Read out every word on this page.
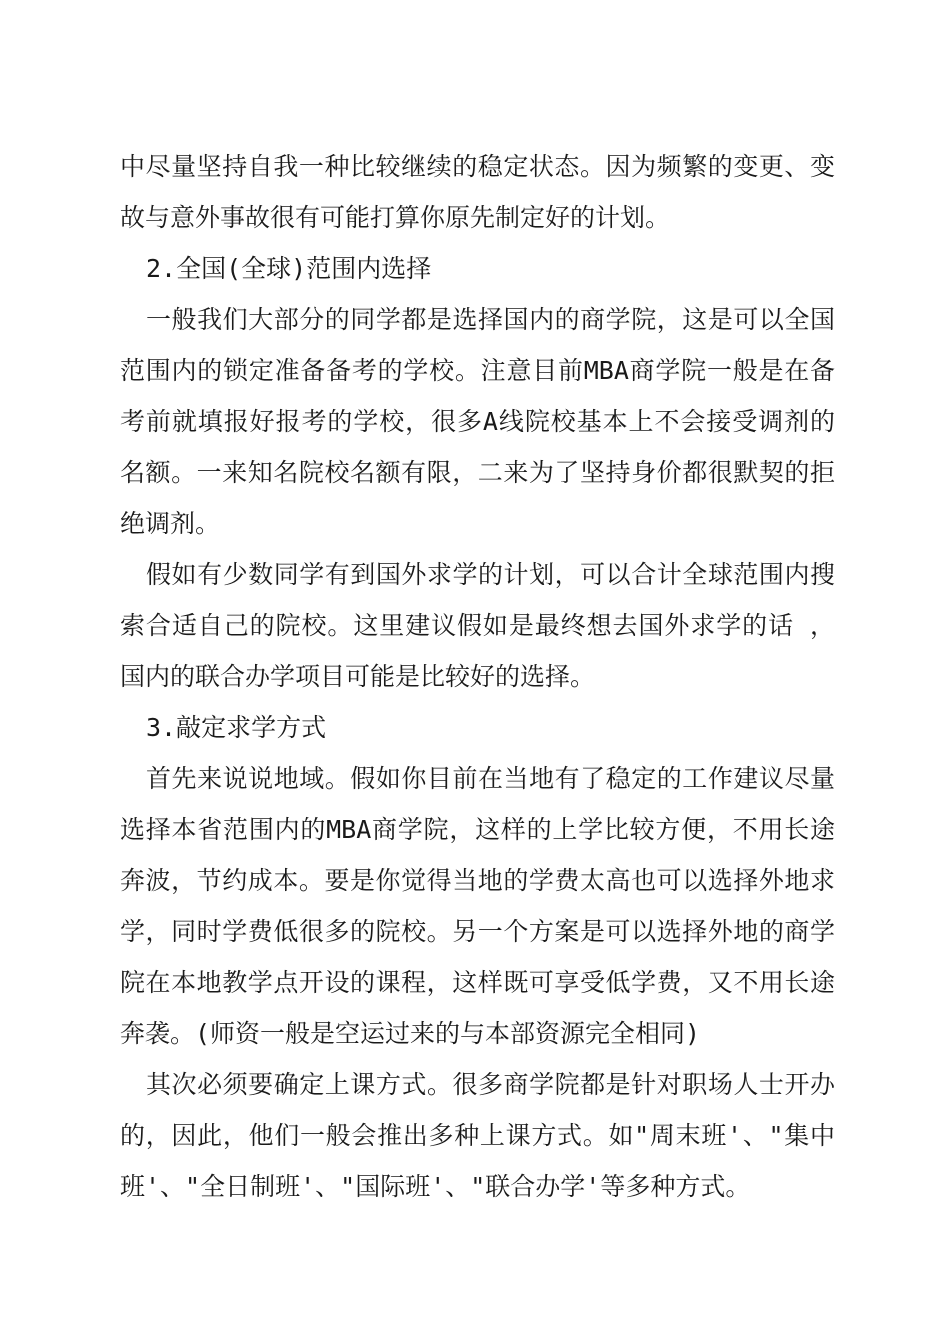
中尽量坚持自我一种比较继续的稳定状态。因为频繁的变更、变

故与意外事故很有可能打算你原先制定好的计划。

2.全国(全球)范围内选择

一般我们大部分的同学都是选择国内的商学院，这是可以全国

范围内的锁定准备备考的学校。注意目前MBA商学院一般是在备

考前就填报好报考的学校，很多A线院校基本上不会接受调剂的

名额。一来知名院校名额有限，二来为了坚持身价都很默契的拒

绝调剂。

假如有少数同学有到国外求学的计划，可以合计全球范围内搜

索合适自己的院校。这里建议假如是最终想去国外求学的话 ，

国内的联合办学项目可能是比较好的选择。

3.敲定求学方式

首先来说说地域。假如你目前在当地有了稳定的工作建议尽量

选择本省范围内的MBA商学院，这样的上学比较方便，不用长途

奔波，节约成本。要是你觉得当地的学费太高也可以选择外地求

学，同时学费低很多的院校。另一个方案是可以选择外地的商学

院在本地教学点开设的课程，这样既可享受低学费，又不用长途

奔袭。(师资一般是空运过来的与本部资源完全相同)

其次必须要确定上课方式。很多商学院都是针对职场人士开办

的，因此，他们一般会推出多种上课方式。如"周末班'、"集中

班'、"全日制班'、"国际班'、"联合办学'等多种方式。
